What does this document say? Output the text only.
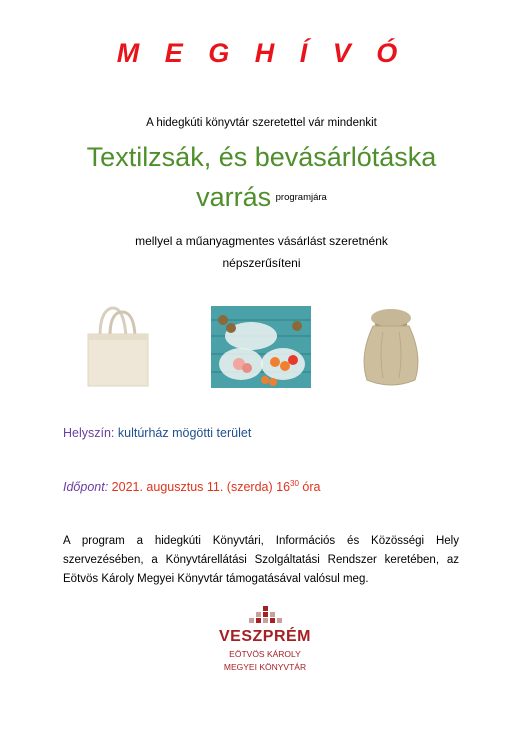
M E G H Í V Ó
A hidegkúti könyvtár szeretettel vár mindenkit
Textilzsák, és bevásárlótáska
varrás $^{programjára}$
mellyel a műanyagmentes vásárlást szeretnénk
népszerűsíteni
Helyszín: kultúrház mögötti terület
Időpont: 2021. augusztus 11. (szerda) $16^{30}$ óra
A program a hidegkúti Könyvtári, Információs és Közösségi Hely szervezésében, a Könyvtárellátási Szolgáltatási Rendszer keretében, az Eötvös Károly Megyei Könyvtár támogatásával valósul meg.
VESZPRÉM
EÖTVÖS KÁROLY
MEGYEI KÖNYVTÁR
